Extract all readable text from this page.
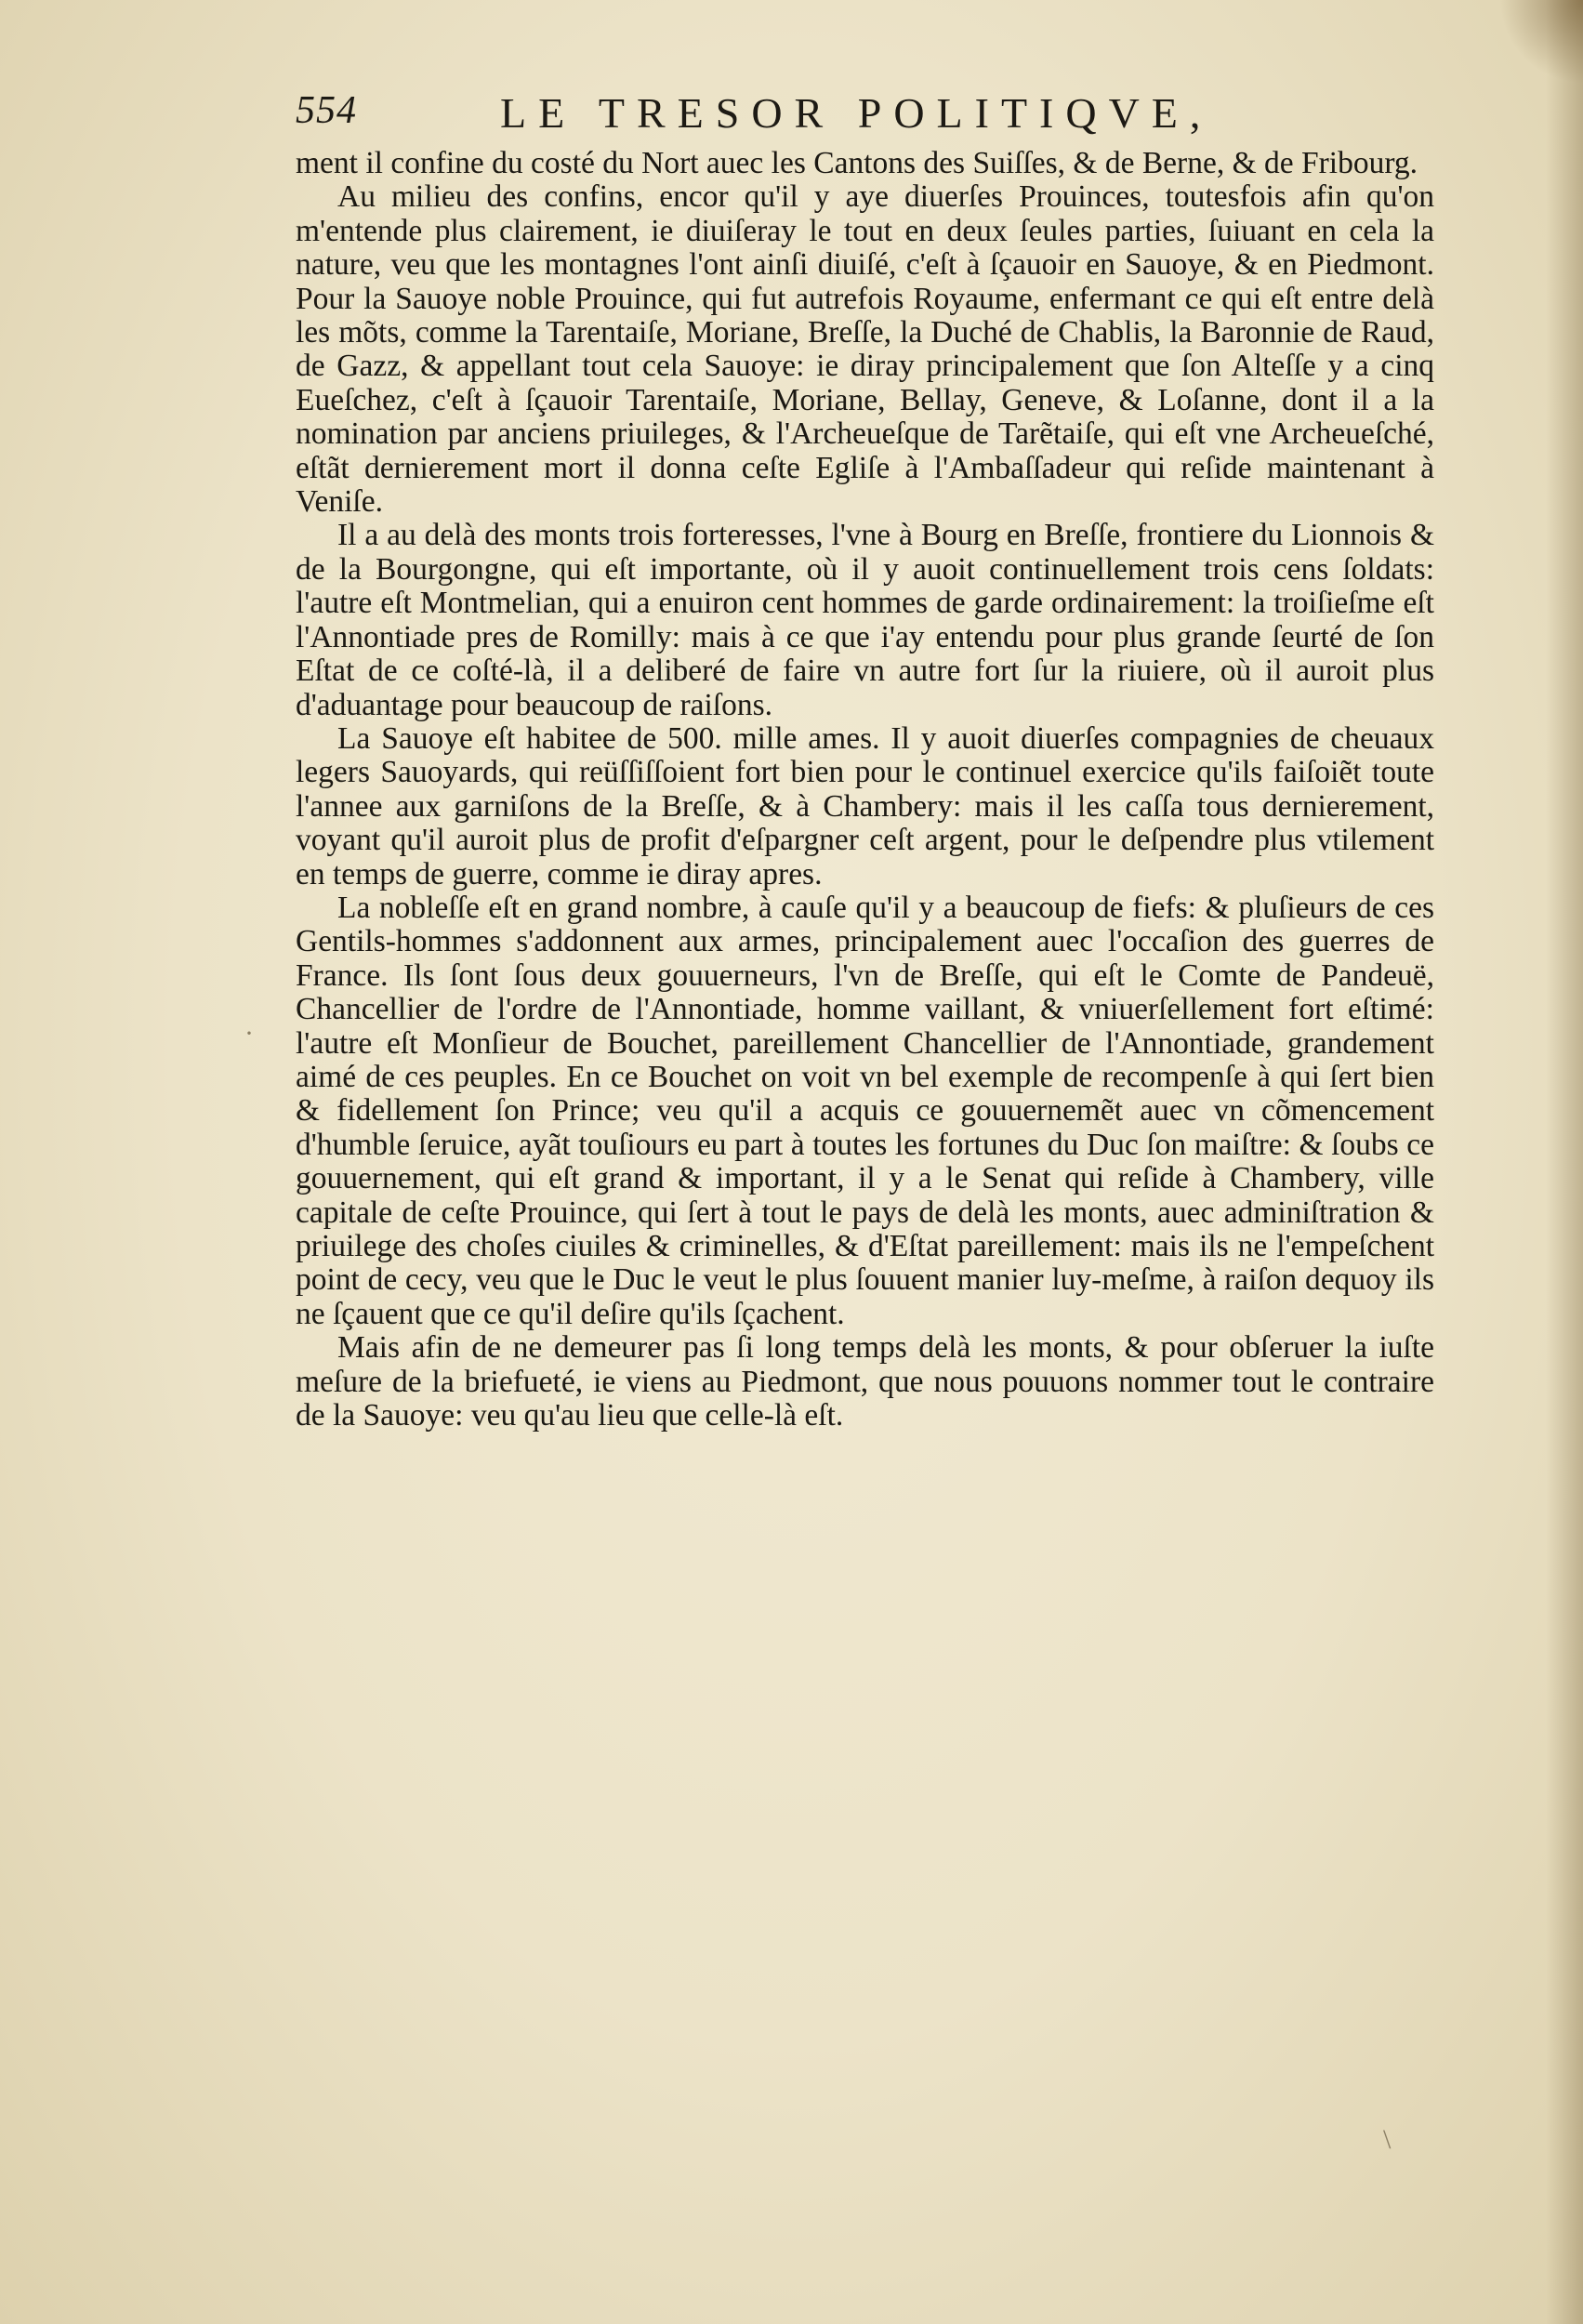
554	LE TRESOR POLITIQVE,
·
\

ment il confine du costé du Nort auec les Cantons des Suiſſes, & de Berne, & de Fribourg.

Au milieu des confins, encor qu'il y aye diuerſes Prouinces, toutesfois afin qu'on m'entende plus clairement, ie diuiſeray le tout en deux ſeules parties, ſuiuant en cela la nature, veu que les montagnes l'ont ainſi diuiſé, c'eſt à ſçauoir en Sauoye, & en Piedmont. Pour la Sauoye noble Prouince, qui fut autrefois Royaume, enfermant ce qui eſt entre delà les mõts, comme la Tarentaiſe, Moriane, Breſſe, la Duché de Chablis, la Baronnie de Raud, de Gazz, & appellant tout cela Sauoye: ie diray principalement que ſon Alteſſe y a cinq Eueſchez, c'eſt à ſçauoir Tarentaiſe, Moriane, Bellay, Geneve, & Loſanne, dont il a la nomination par anciens priuileges, & l'Archeueſque de Tarẽtaiſe, qui eſt vne Archeueſché, eſtãt dernierement mort il donna ceſte Egliſe à l'Ambaſſadeur qui reſide maintenant à Veniſe.

Il a au delà des monts trois forteresses, l'vne à Bourg en Breſſe, frontiere du Lionnois & de la Bourgongne, qui eſt importante, où il y auoit continuellement trois cens ſoldats: l'autre eſt Montmelian, qui a enuiron cent hommes de garde ordinairement: la troiſieſme eſt l'Annontiade pres de Romilly: mais à ce que i'ay entendu pour plus grande ſeurté de ſon Eſtat de ce coſté-là, il a deliberé de faire vn autre fort ſur la riuiere, où il auroit plus d'aduantage pour beaucoup de raiſons.

La Sauoye eſt habitee de 500. mille ames. Il y auoit diuerſes compagnies de cheuaux legers Sauoyards, qui reüſſiſſoient fort bien pour le continuel exercice qu'ils faiſoiẽt toute l'annee aux garniſons de la Breſſe, & à Chambery: mais il les caſſa tous dernierement, voyant qu'il auroit plus de profit d'eſpargner ceſt argent, pour le deſpendre plus vtilement en temps de guerre, comme ie diray apres.

La nobleſſe eſt en grand nombre, à cauſe qu'il y a beaucoup de fiefs: & pluſieurs de ces Gentils-hommes s'addonnent aux armes, principalement auec l'occaſion des guerres de France. Ils ſont ſous deux gouuerneurs, l'vn de Breſſe, qui eſt le Comte de Pandeuë, Chancellier de l'ordre de l'Annontiade, homme vaillant, & vniuerſellement fort eſtimé: l'autre eſt Monſieur de Bouchet, pareillement Chancellier de l'Annontiade, grandement aimé de ces peuples. En ce Bouchet on voit vn bel exemple de recompenſe à qui ſert bien & fidellement ſon Prince; veu qu'il a acquis ce gouuernemẽt auec vn cõmencement d'humble ſeruice, ayãt touſiours eu part à toutes les fortunes du Duc ſon maiſtre: & ſoubs ce gouuernement, qui eſt grand & important, il y a le Senat qui reſide à Chambery, ville capitale de ceſte Prouince, qui ſert à tout le pays de delà les monts, auec adminiſtration & priuilege des choſes ciuiles & criminelles, & d'Eſtat pareillement: mais ils ne l'empeſchent point de cecy, veu que le Duc le veut le plus ſouuent manier luy-meſme, à raiſon dequoy ils ne ſçauent que ce qu'il deſire qu'ils ſçachent.

Mais afin de ne demeurer pas ſi long temps delà les monts, & pour obſeruer la iuſte meſure de la briefueté, ie viens au Piedmont, que nous pouuons nommer tout le contraire de la Sauoye: veu qu'au lieu que celle-là eſt.
